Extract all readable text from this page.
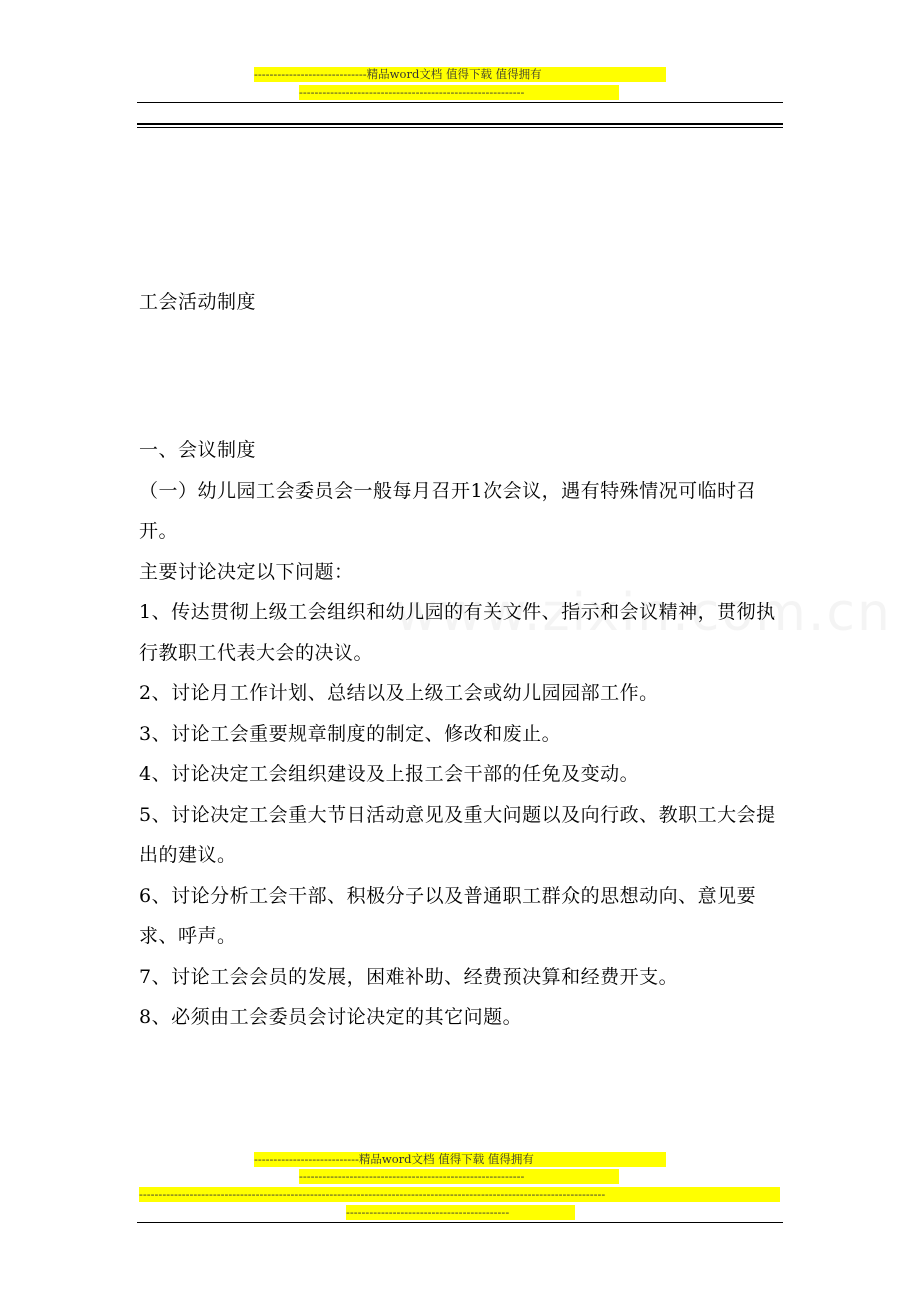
-----------------------------精品word文档 值得下载 值得拥有
----------------------------------------------------------
工会活动制度

一、会议制度

（一）幼儿园工会委员会一般每月召开1次会议，遇有特殊情况可临时召开。

主要讨论决定以下问题：

1、传达贯彻上级工会组织和幼儿园的有关文件、指示和会议精神，贯彻执行教职工代表大会的决议。

2、讨论月工作计划、总结以及上级工会或幼儿园园部工作。

3、讨论工会重要规章制度的制定、修改和废止。

4、讨论决定工会组织建设及上报工会干部的任免及变动。

5、讨论决定工会重大节日活动意见及重大问题以及向行政、教职工大会提出的建议。

6、讨论分析工会干部、积极分子以及普通职工群众的思想动向、意见要求、呼声。

7、讨论工会会员的发展，困难补助、经费预决算和经费开支。

8、必须由工会委员会讨论决定的其它问题。

---------------------------精品word文档 值得下载 值得拥有
----------------------------------------------------------
------------------------------------------------------------------------------------------------------------------------
------------------------------------------
